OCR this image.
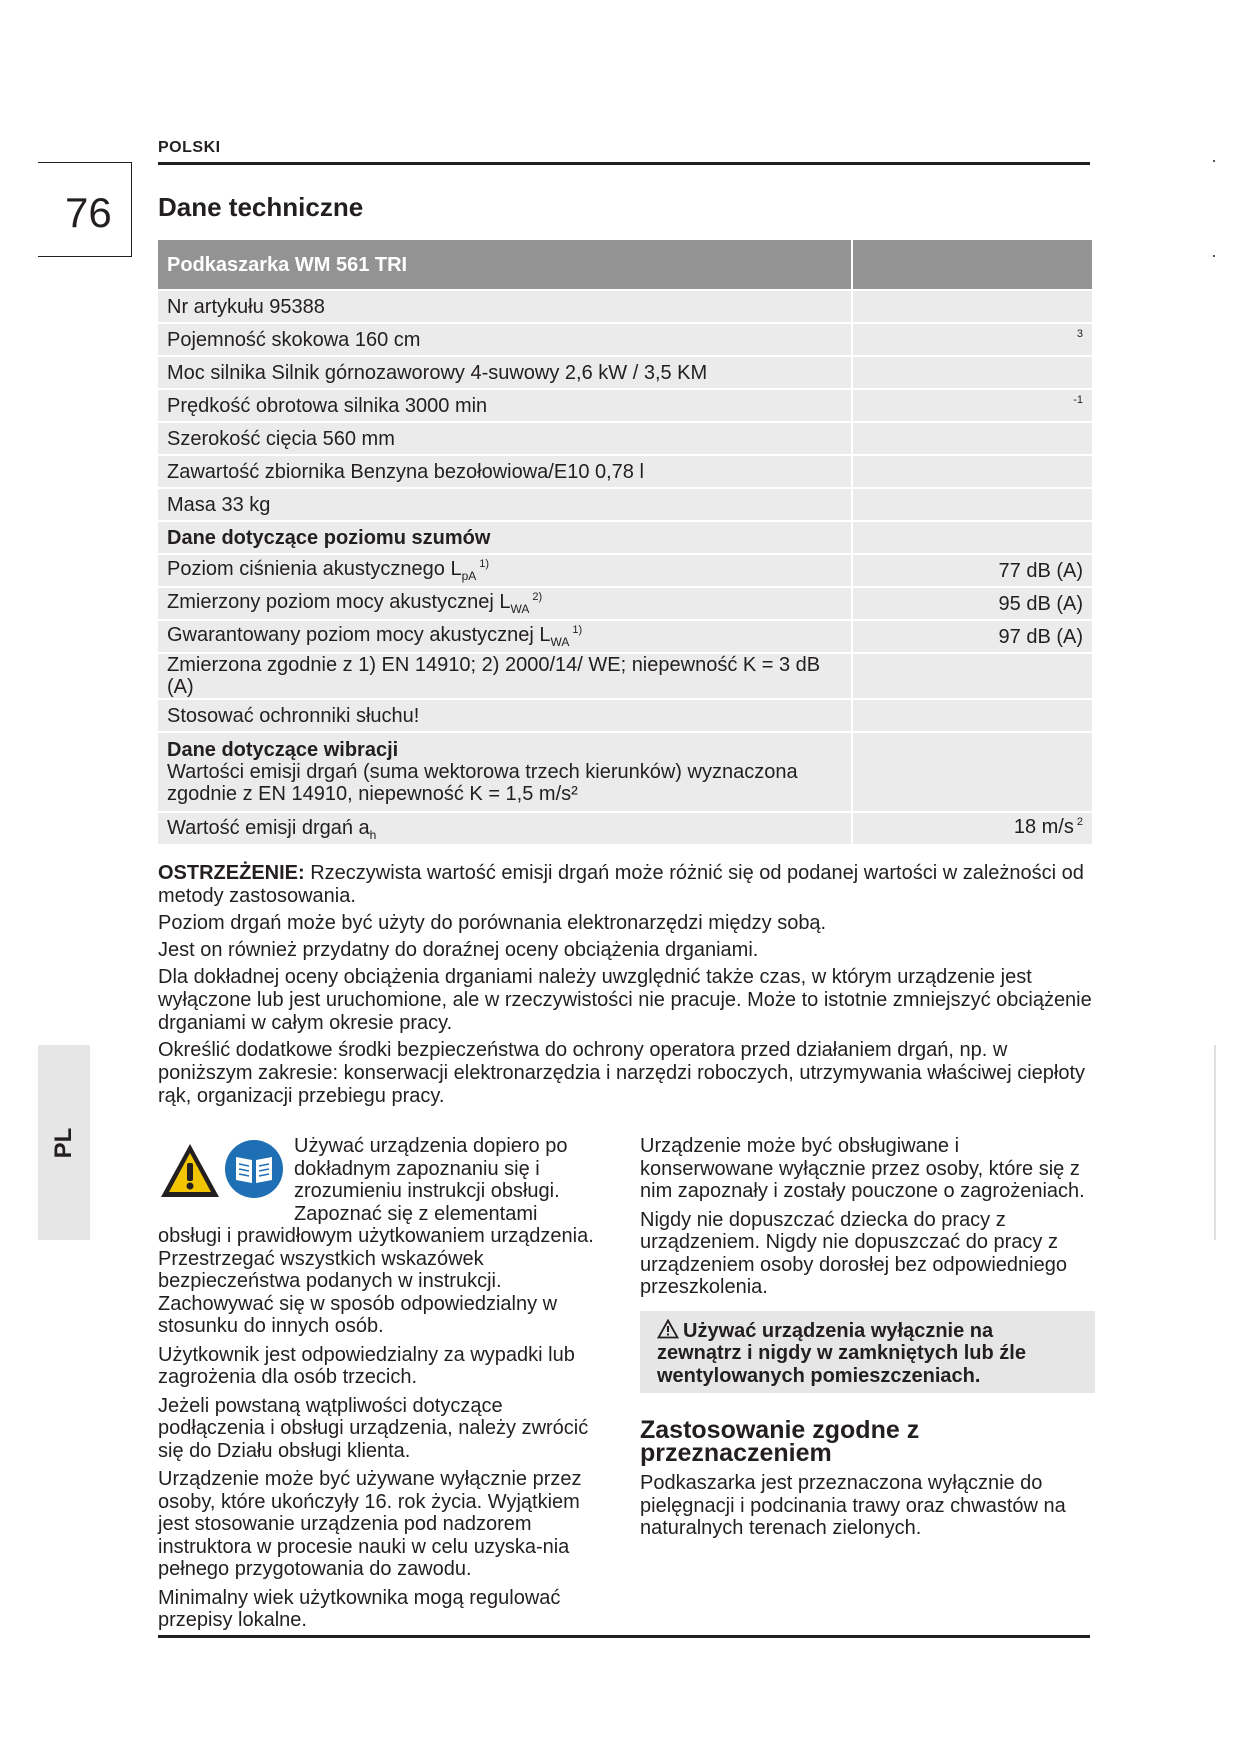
POLSKI
76 Dane techniczne
PL
Podkaszarka WM 561 TRI	
Nr artykułu 95388	
Pojemność skokowa 160 cm	$^3$
Moc silnika Silnik górnozaworowy 4-suwowy 2,6 kW / 3,5 KM	
Prędkość obrotowa silnika 3000 min	$^{-1}$
Szerokość cięcia 560 mm	
Zawartość zbiornika Benzyna bezołowiowa/E10 0,78 l	
Masa 33 kg	
Dane dotyczące poziomu szumów	
Poziom ciśnienia akustycznego $L_{pA}^{1)}$	77 dB (A)
Zmierzony poziom mocy akustycznej $L_{WA}^{2)}$	95 dB (A)
Gwarantowany poziom mocy akustycznej $L_{WA}^{1)}$	97 dB (A)
Zmierzona zgodnie z 1) EN 14910; 2) 2000/14/ WE; niepewność K = 3 dB (A)	
Stosować ochronniki słuchu!	

Dane dotyczące wibracji
Wartości emisji drgań (suma wektorowa trzech kierunków) wyznaczona zgodnie z EN 14910, niepewność K = 1,5 m/s²	

Wartość emisji drgań $a_h$	18 m/s $^2$

OSTRZEŻENIE: Rzeczywista wartość emisji drgań może różnić się od podanej wartości w zależności od metody zastosowania.

Poziom drgań może być użyty do porównania elektronarzędzi między sobą.

Jest on również przydatny do doraźnej oceny obciążenia drganiami.

Dla dokładnej oceny obciążenia drganiami należy uwzględnić także czas, w którym urządzenie jest wyłączone lub jest uruchomione, ale w rzeczywistości nie pracuje. Może to istotnie zmniejszyć obciążenie drganiami w całym okresie pracy.

Określić dodatkowe środki bezpieczeństwa do ochrony operatora przed działaniem drgań, np. w poniższym zakresie: konserwacji elektronarzędzia i narzędzi roboczych, utrzymywania właściwej ciepłoty rąk, organizacji przebiegu pracy.

Używać urządzenia dopiero po dokładnym zapoznaniu się i zrozumieniu instrukcji obsługi. Zapoznać się z elementami obsługi i prawidłowym użytkowaniem urządzenia. Przestrzegać wszystkich wskazówek bezpieczeństwa podanych w instrukcji. Zachowywać się w sposób odpowiedzialny w stosunku do innych osób.

Użytkownik jest odpowiedzialny za wypadki lub zagrożenia dla osób trzecich.

Jeżeli powstaną wątpliwości dotyczące podłączenia i obsługi urządzenia, należy zwrócić się do Działu obsługi klienta.

Urządzenie może być używane wyłącznie przez osoby, które ukończyły 16. rok życia. Wyjątkiem jest stosowanie urządzenia pod nadzorem instruktora w procesie nauki w celu uzyska-nia pełnego przygotowania do zawodu.

Minimalny wiek użytkownika mogą regulować przepisy lokalne.

Urządzenie może być obsługiwane i konserwowane wyłącznie przez osoby, które się z nim zapoznały i zostały pouczone o zagrożeniach.

Nigdy nie dopuszczać dziecka do pracy z urządzeniem. Nigdy nie dopuszczać do pracy z urządzeniem osoby dorosłej bez odpowiedniego przeszkolenia.

Używać urządzenia wyłącznie na zewnątrz i nigdy w zamkniętych lub źle wentylowanych pomieszczeniach.
Zastosowanie zgodne z przeznaczeniem

Podkaszarka jest przeznaczona wyłącznie do pielęgnacji i podcinania trawy oraz chwastów na naturalnych terenach zielonych.
